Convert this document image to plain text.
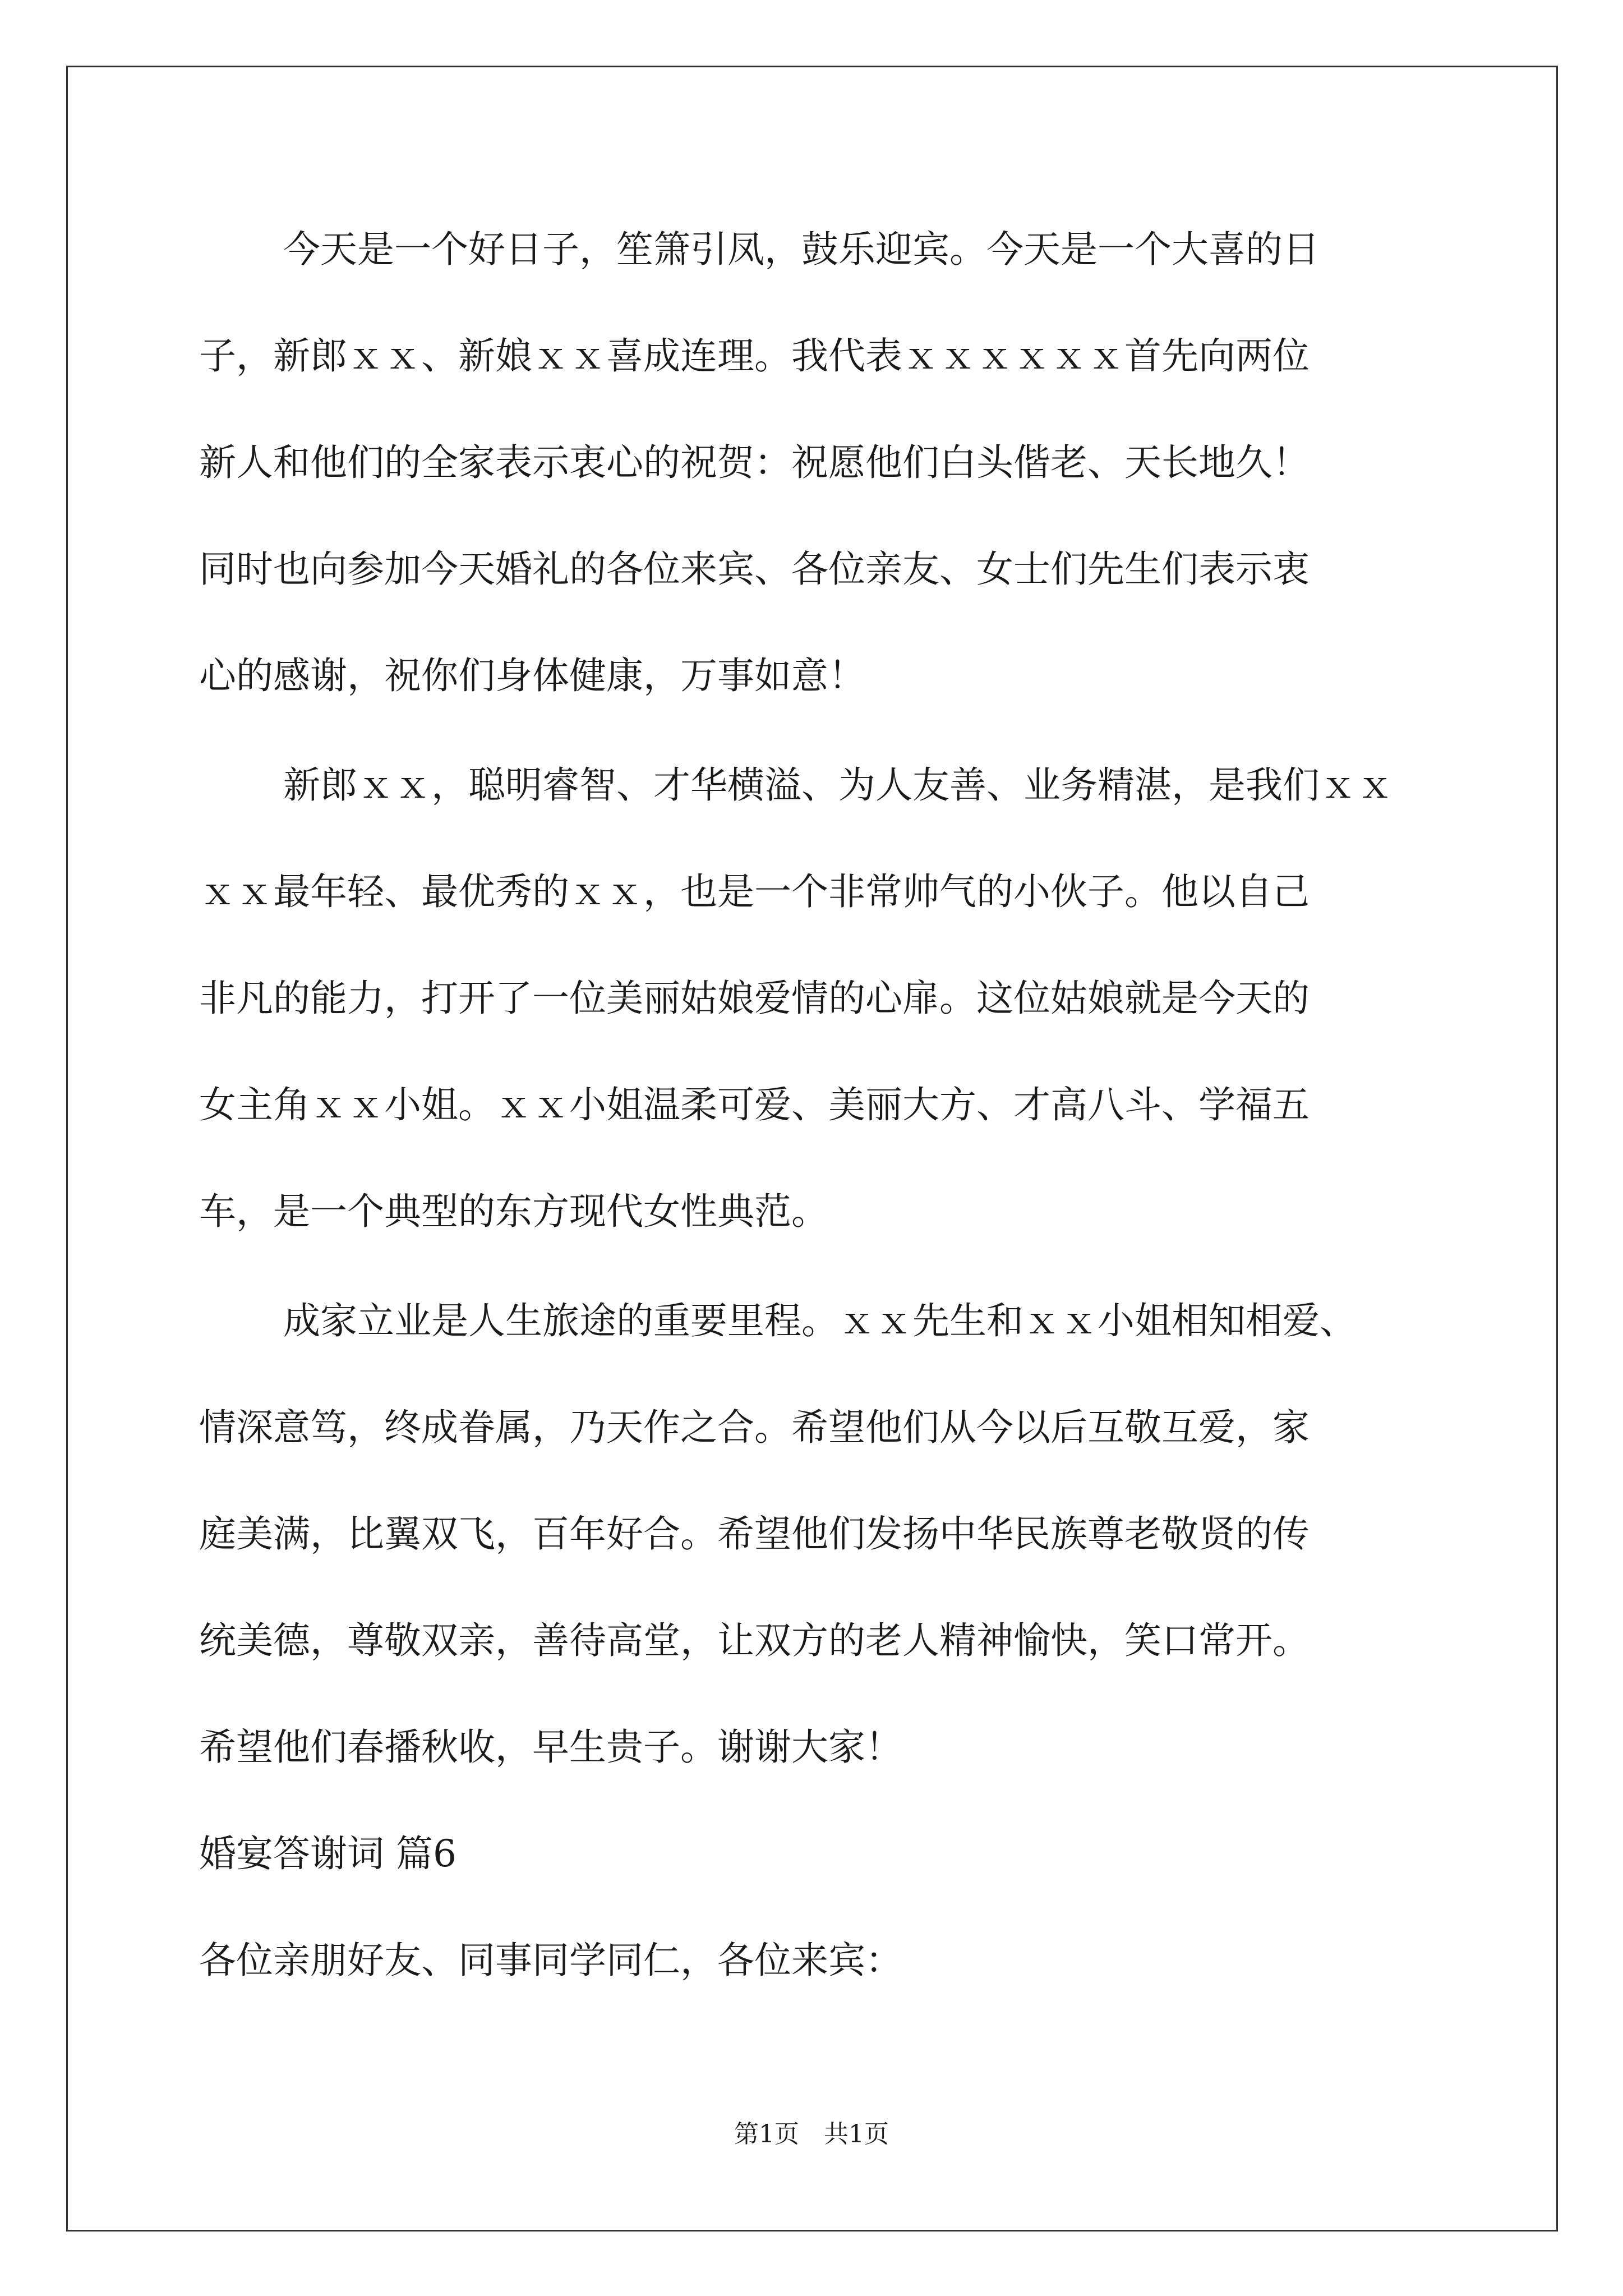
今天是一个好日子，笙箫引凤，鼓乐迎宾。今天是一个大喜的日
子，新郎ｘｘ、新娘ｘｘ喜成连理。我代表ｘｘｘｘｘｘ首先向两位
新人和他们的全家表示衷心的祝贺：祝愿他们白头偕老、天长地久！
同时也向参加今天婚礼的各位来宾、各位亲友、女士们先生们表示衷
心的感谢，祝你们身体健康，万事如意！
新郎ｘｘ，聪明睿智、才华横溢、为人友善、业务精湛，是我们ｘｘ
ｘｘ最年轻、最优秀的ｘｘ，也是一个非常帅气的小伙子。他以自己
非凡的能力，打开了一位美丽姑娘爱情的心扉。这位姑娘就是今天的
女主角ｘｘ小姐。ｘｘ小姐温柔可爱、美丽大方、才高八斗、学福五
车，是一个典型的东方现代女性典范。
成家立业是人生旅途的重要里程。ｘｘ先生和ｘｘ小姐相知相爱、
情深意笃，终成眷属，乃天作之合。希望他们从今以后互敬互爱，家
庭美满，比翼双飞，百年好合。希望他们发扬中华民族尊老敬贤的传
统美德，尊敬双亲，善待高堂，让双方的老人精神愉快，笑口常开。
希望他们春播秋收，早生贵子。谢谢大家！
婚宴答谢词 篇6
各位亲朋好友、同事同学同仁，各位来宾：
第1页　共1页
